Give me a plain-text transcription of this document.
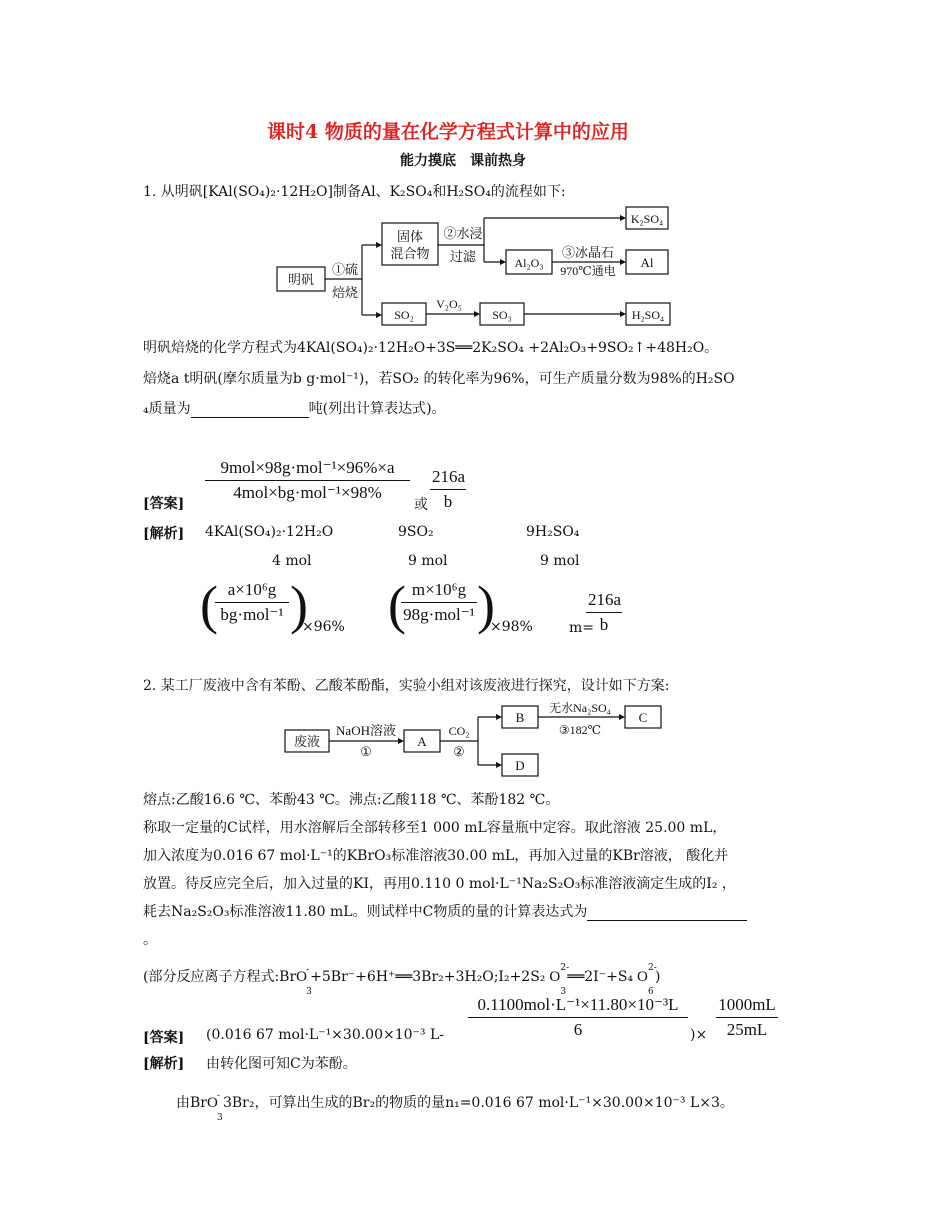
课时4 物质的量在化学方程式计算中的应用
能力摸底　课前热身
1. 从明矾[KAl(SO₄)₂·12H₂O]制备Al、K₂SO₄和H₂SO₄的流程如下:
明矾
①硫
焙烧
固体
混合物
②水浸
过滤
K₂SO₄
Al₂O₃
③冰晶石
970℃通电
Al
SO₂
V₂O₅
SO₃	H₂SO₄
明矾焙烧的化学方程式为4KAl(SO₄)₂·12H₂O+3S══2K₂SO₄ +2Al₂O₃+9SO₂↑+48H₂O。
焙烧a t明矾(摩尔质量为b g·mol⁻¹)，若SO₂ 的转化率为96%，可生产质量分数为98%的H₂SO
₄质量为	吨(列出计算表达式)。
[答案]
9mol×98g·mol⁻¹×96%×a
4mol×bg·mol⁻¹×98%
或
216a
b
[解析] 4KAl(SO₄)₂·12H₂O	9SO₂	9H₂SO₄
4 mol	9 mol	9 mol
( a×10⁶g
bg·mol⁻¹ )
×96% ( m×10⁶g
98g·mol⁻¹ )
×98%	m=
216a
b
2. 某工厂废液中含有苯酚、乙酸苯酚酯，实验小组对该废液进行探究，设计如下方案:
废液
NaOH溶液
①
A
CO₂
②
B
无水Na₂SO₄
③182℃
C
D
熔点:乙酸16.6 ℃、苯酚43 ℃。沸点:乙酸118 ℃、苯酚182 ℃。
称取一定量的C试样，用水溶解后全部转移至1 000 mL容量瓶中定容。取此溶液 25.00 mL，
加入浓度为0.016 67 mol·L⁻¹的KBrO₃标准溶液30.00 mL，再加入过量的KBr溶液， 酸化并
放置。待反应完全后，加入过量的KI，再用0.110 0 mol·L⁻¹Na₂S₂O₃标准溶液滴定生成的I₂ ，
耗去Na₂S₂O₃标准溶液11.80 mL。则试样中C物质的量的计算表达式为
。
(部分反应离子方程式:Br O -
3
+5Br⁻+6H⁺══3Br₂+3H₂O;I₂+2S₂ O
2-
3
══2I⁻+S₄ O
2-
6
)
[答案] (0.016 67 mol·L⁻¹×30.00×10⁻³ L-
0.1100mol·L⁻¹×11.80×10⁻³L
6	)×
1000mL
25mL
[解析] 由转化图可知C为苯酚。
由Br O -
3
3Br₂，可算出生成的Br₂的物质的量n₁=0.016 67 mol·L⁻¹×30.00×10⁻³ L×3。
